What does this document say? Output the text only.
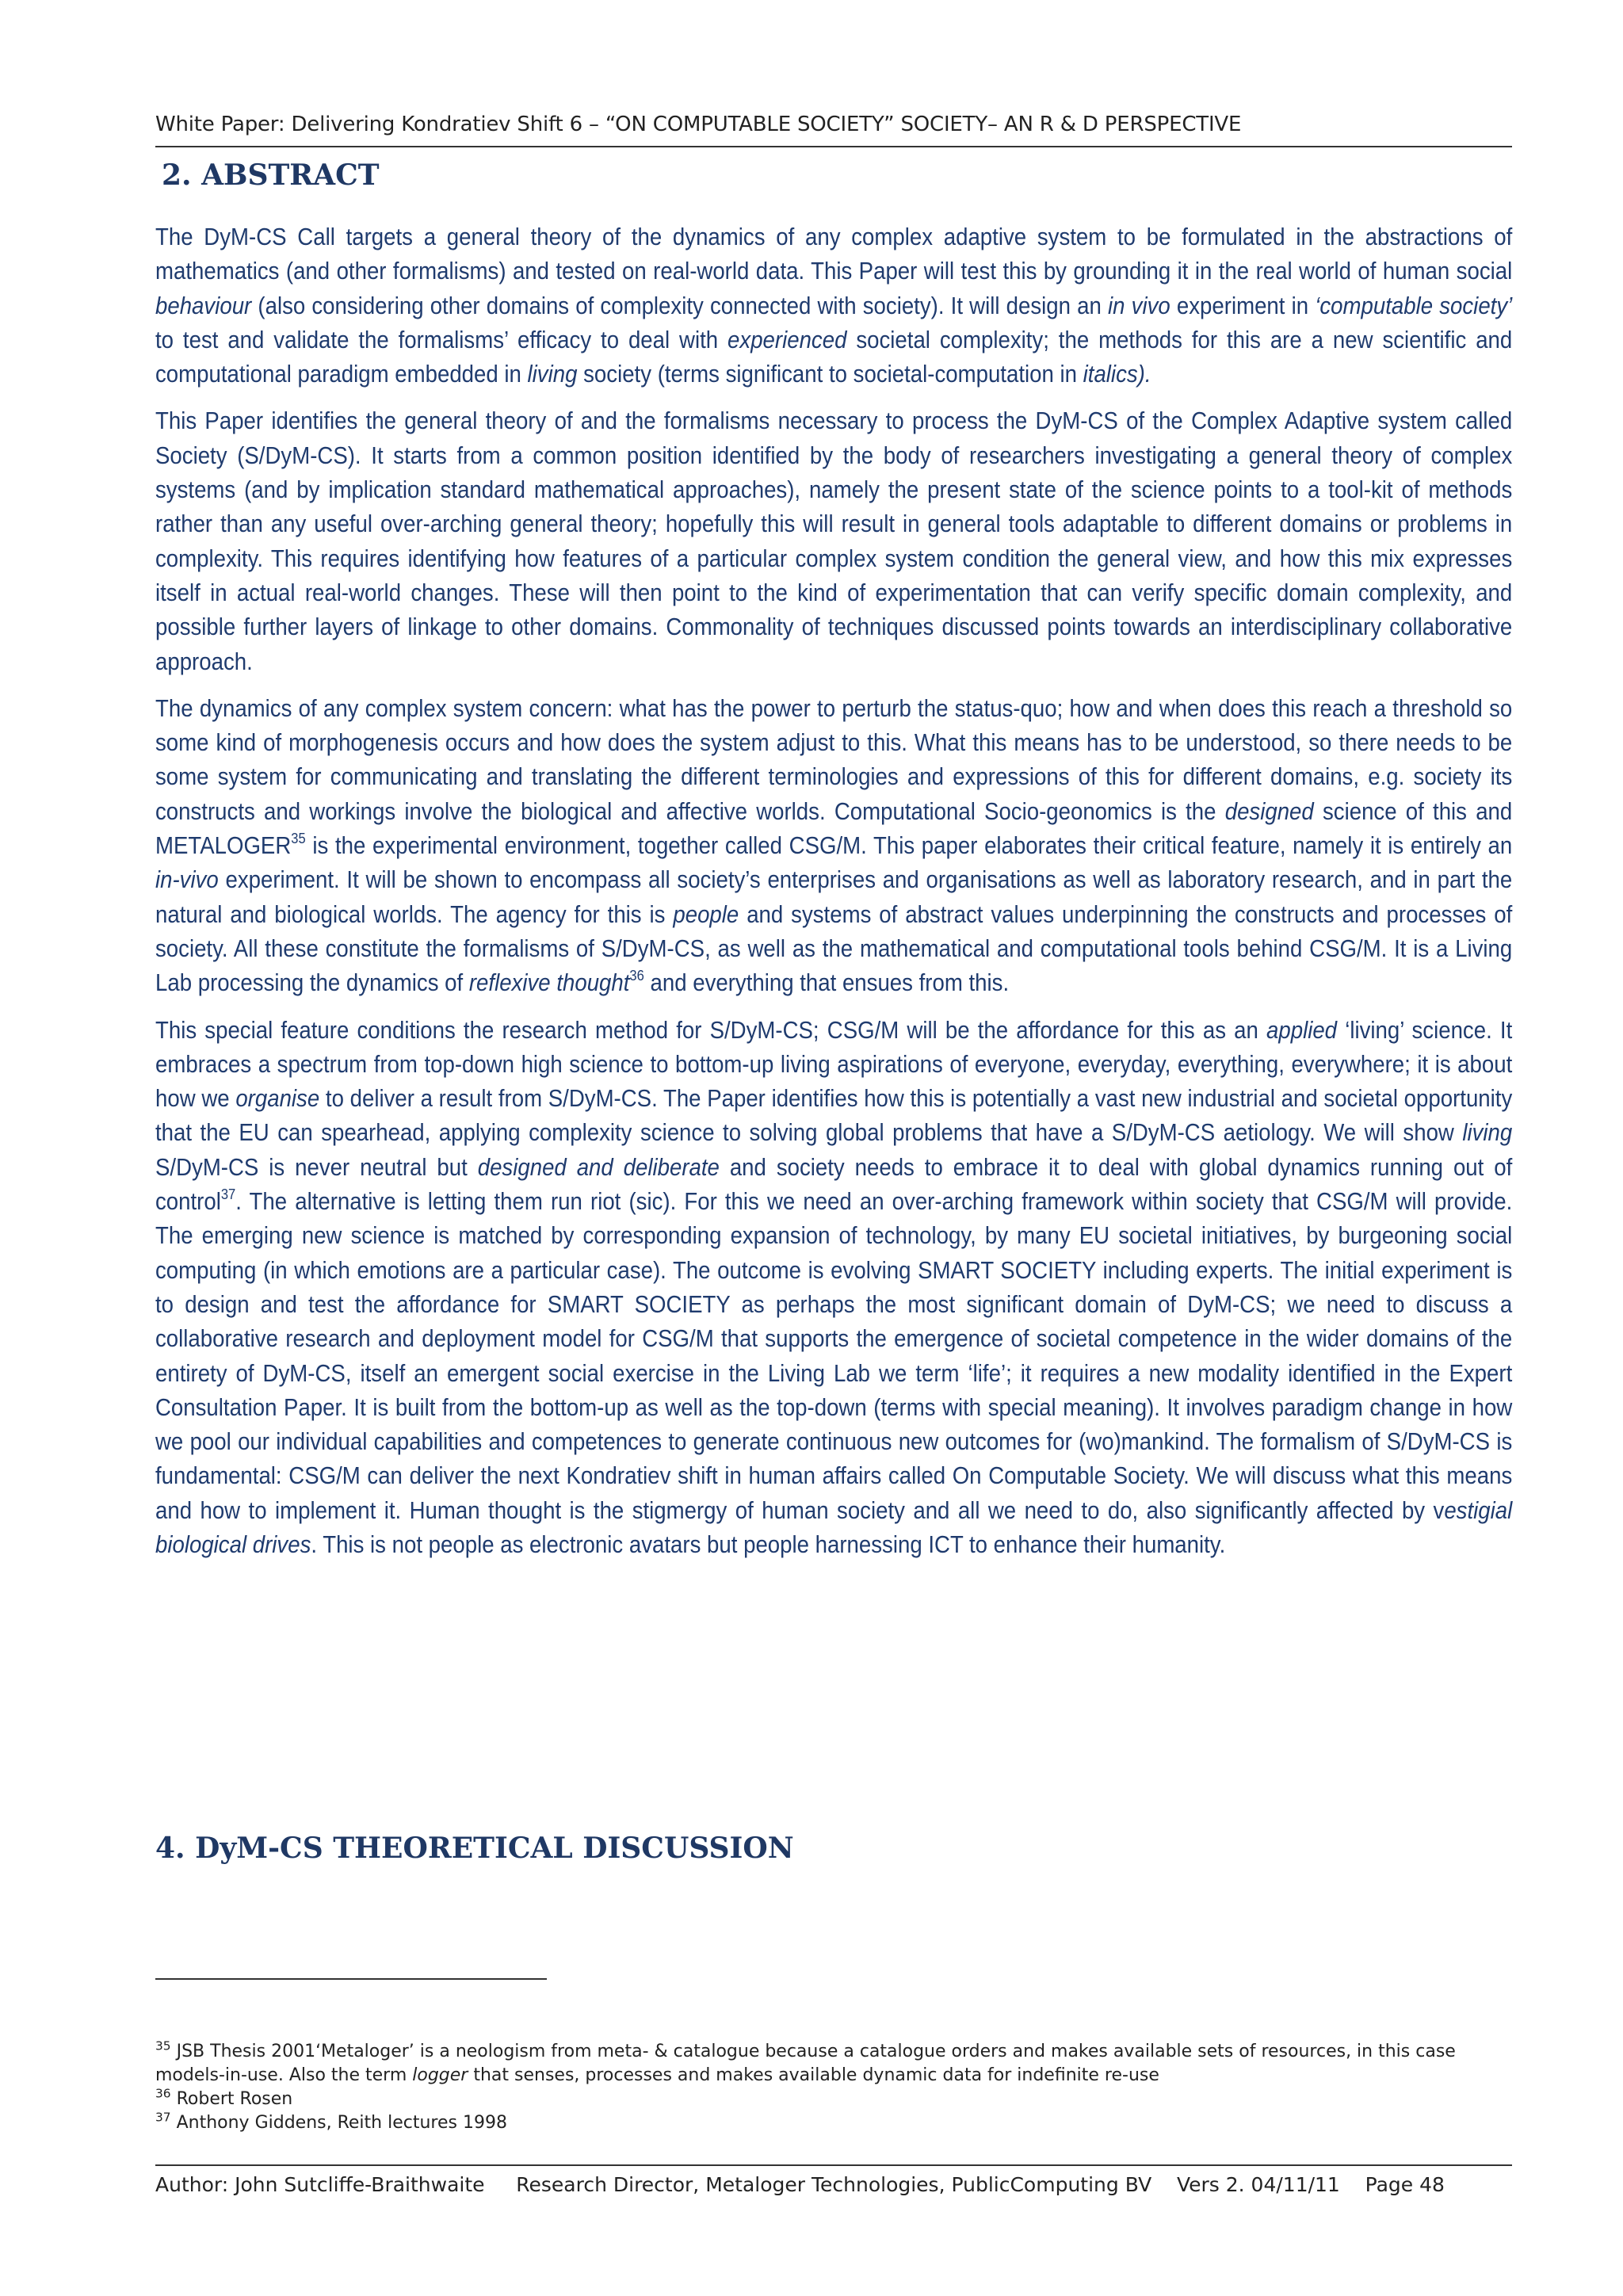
White Paper: Delivering Kondratiev Shift 6 – “ON COMPUTABLE SOCIETY” SOCIETY– AN R & D PERSPECTIVE
2. ABSTRACT

The DyM-CS Call targets a general theory of the dynamics of any complex adaptive system to be formulated in the abstractions of mathematics (and other formalisms) and tested on real-world data. This Paper will test this by grounding it in the real world of human social behaviour (also considering other domains of complexity connected with society). It will design an in vivo experiment in ‘computable society’ to test and validate the formalisms’ efficacy to deal with experienced societal complexity; the methods for this are a new scientific and computational paradigm embedded in living society (terms significant to societal-computation in italics).

This Paper identifies the general theory of and the formalisms necessary to process the DyM-CS of the Complex Adaptive system called Society (S/DyM-CS). It starts from a common position identified by the body of researchers investigating a general theory of complex systems (and by implication standard mathematical approaches), namely the present state of the science points to a tool-kit of methods rather than any useful over-arching general theory; hopefully this will result in general tools adaptable to different domains or problems in complexity. This requires identifying how features of a particular complex system condition the general view, and how this mix expresses itself in actual real-world changes. These will then point to the kind of experimentation that can verify specific domain complexity, and possible further layers of linkage to other domains. Commonality of techniques discussed points towards an interdisciplinary collaborative approach.

The dynamics of any complex system concern: what has the power to perturb the status-quo; how and when does this reach a threshold so some kind of morphogenesis occurs and how does the system adjust to this. What this means has to be understood, so there needs to be some system for communicating and translating the different terminologies and expressions of this for different domains, e.g. society its constructs and workings involve the biological and affective worlds. Computational Socio-geonomics is the designed science of this and METALOGER$^{35}$ is the experimental environment, together called CSG/M. This paper elaborates their critical feature, namely it is entirely an in-vivo experiment. It will be shown to encompass all society’s enterprises and organisations as well as laboratory research, and in part the natural and biological worlds. The agency for this is people and systems of abstract values underpinning the constructs and processes of society. All these constitute the formalisms of S/DyM-CS, as well as the mathematical and computational tools behind CSG/M. It is a Living Lab processing the dynamics of reflexive thought$^{36}$ and everything that ensues from this.

This special feature conditions the research method for S/DyM-CS; CSG/M will be the affordance for this as an applied ‘living’ science. It embraces a spectrum from top-down high science to bottom-up living aspirations of everyone, everyday, everything, everywhere; it is about how we organise to deliver a result from S/DyM-CS. The Paper identifies how this is potentially a vast new industrial and societal opportunity that the EU can spearhead, applying complexity science to solving global problems that have a S/DyM-CS aetiology. We will show living S/DyM-CS is never neutral but designed and deliberate and society needs to embrace it to deal with global dynamics running out of control$^{37}$. The alternative is letting them run riot (sic). For this we need an over-arching framework within society that CSG/M will provide. The emerging new science is matched by corresponding expansion of technology, by many EU societal initiatives, by burgeoning social computing (in which emotions are a particular case). The outcome is evolving SMART SOCIETY including experts. The initial experiment is to design and test the affordance for SMART SOCIETY as perhaps the most significant domain of DyM-CS; we need to discuss a collaborative research and deployment model for CSG/M that supports the emergence of societal competence in the wider domains of the entirety of DyM-CS, itself an emergent social exercise in the Living Lab we term ‘life’; it requires a new modality identified in the Expert Consultation Paper. It is built from the bottom-up as well as the top-down (terms with special meaning). It involves paradigm change in how we pool our individual capabilities and competences to generate continuous new outcomes for (wo)mankind. The formalism of S/DyM-CS is fundamental: CSG/M can deliver the next Kondratiev shift in human affairs called On Computable Society. We will discuss what this means and how to implement it. Human thought is the stigmergy of human society and all we need to do, also significantly affected by vestigial biological drives. This is not people as electronic avatars but people harnessing ICT to enhance their humanity.

4. DyM-CS THEORETICAL DISCUSSION
$^{35}$ JSB Thesis 2001‘Metaloger’ is a neologism from meta- & catalogue because a catalogue orders and makes available sets of resources, in this case models-in-use. Also the term logger that senses, processes and makes available dynamic data for indefinite re-use
$^{36}$ Robert Rosen
$^{37}$ Anthony Giddens, Reith lectures 1998
Author: John Sutcliffe-Braithwaite     Research Director, Metaloger Technologies, PublicComputing BV    Vers 2. 04/11/11    Page 48
